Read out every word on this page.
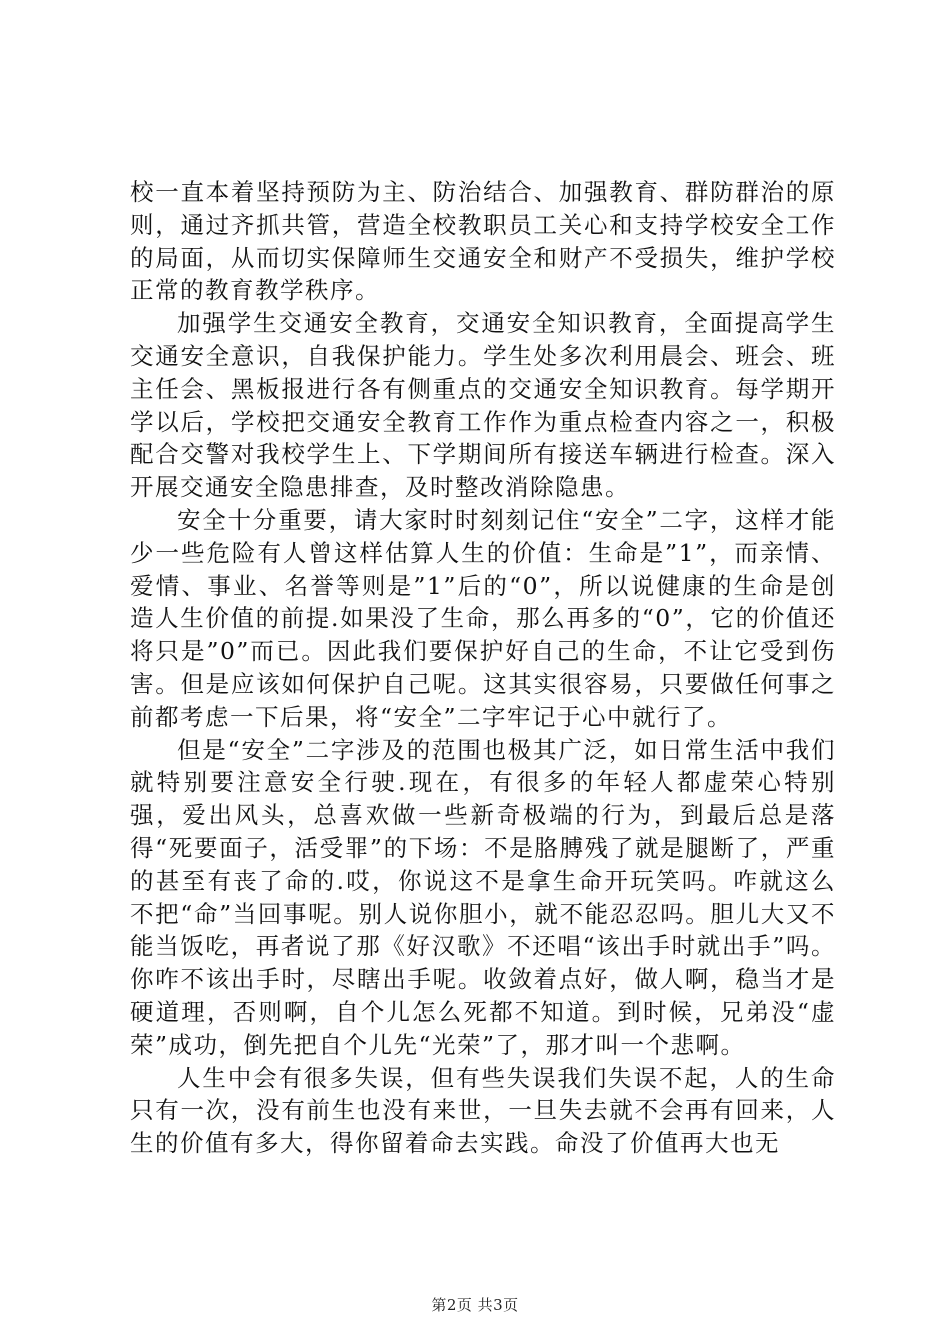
校一直本着坚持预防为主、防治结合、加强教育、群防群治的原则，通过齐抓共管，营造全校教职员工关心和支持学校安全工作的局面，从而切实保障师生交通安全和财产不受损失，维护学校正常的教育教学秩序。

加强学生交通安全教育，交通安全知识教育，全面提高学生交通安全意识，自我保护能力。学生处多次利用晨会、班会、班主任会、黑板报进行各有侧重点的交通安全知识教育。每学期开学以后，学校把交通安全教育工作作为重点检查内容之一，积极配合交警对我校学生上、下学期间所有接送车辆进行检查。深入开展交通安全隐患排查，及时整改消除隐患。

安全十分重要，请大家时时刻刻记住“安全”二字，这样才能少一些危险有人曾这样估算人生的价值：生命是”1”，而亲情、爱情、事业、名誉等则是”1”后的“0”，所以说健康的生命是创造人生价值的前提.如果没了生命，那么再多的“0”，它的价值还将只是”0”而已。因此我们要保护好自己的生命，不让它受到伤害。但是应该如何保护自己呢。这其实很容易，只要做任何事之前都考虑一下后果，将“安全”二字牢记于心中就行了。

但是“安全”二字涉及的范围也极其广泛，如日常生活中我们就特别要注意安全行驶.现在，有很多的年轻人都虚荣心特别强，爱出风头，总喜欢做一些新奇极端的行为，到最后总是落得“死要面子，活受罪”的下场：不是胳膊残了就是腿断了，严重的甚至有丧了命的.哎，你说这不是拿生命开玩笑吗。咋就这么不把“命”当回事呢。别人说你胆小，就不能忍忍吗。胆儿大又不能当饭吃，再者说了那《好汉歌》不还唱“该出手时就出手”吗。你咋不该出手时，尽瞎出手呢。收敛着点好，做人啊，稳当才是硬道理，否则啊，自个儿怎么死都不知道。到时候，兄弟没“虚荣”成功，倒先把自个儿先“光荣”了，那才叫一个悲啊。

人生中会有很多失误，但有些失误我们失误不起，人的生命只有一次，没有前生也没有来世，一旦失去就不会再有回来，人生的价值有多大，得你留着命去实践。命没了价值再大也无

第2页 共3页
